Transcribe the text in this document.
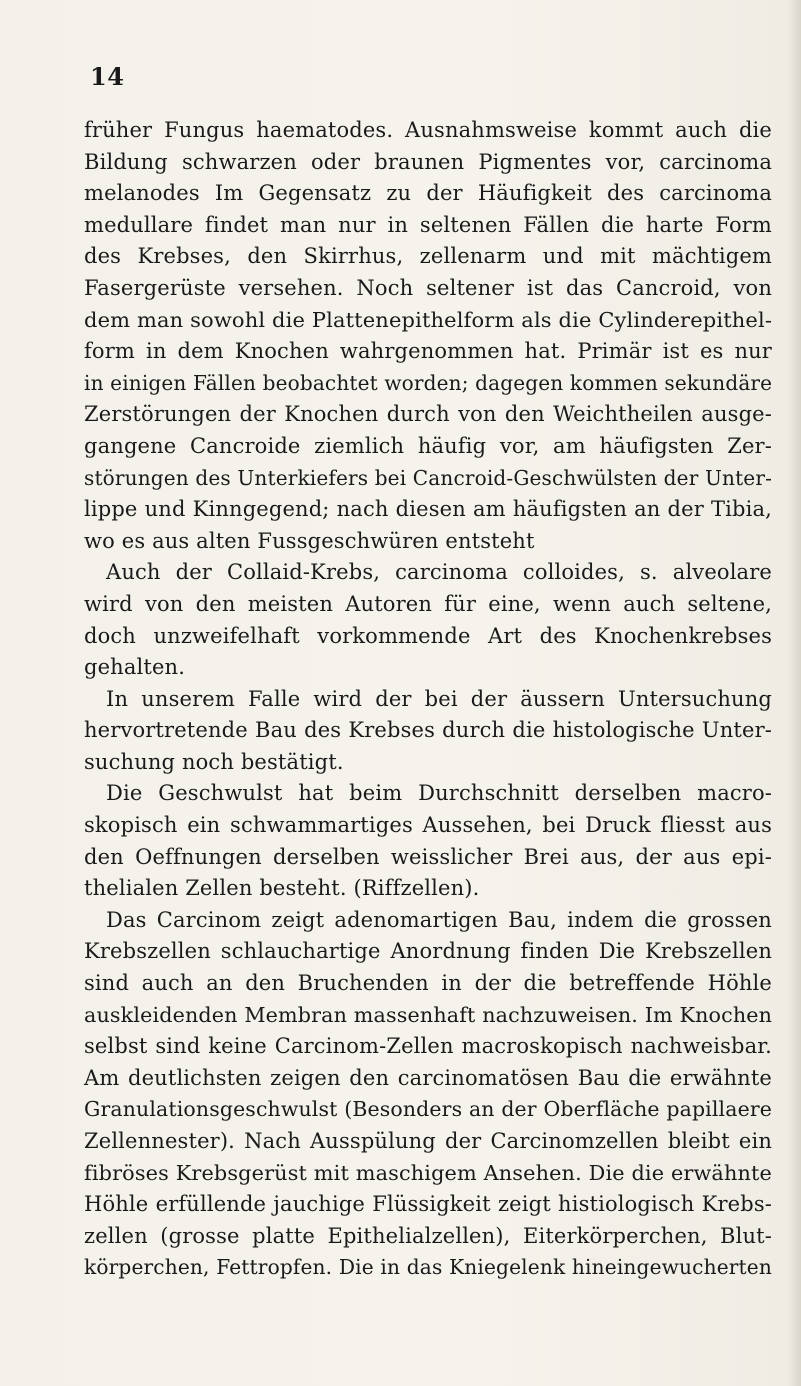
14
früher Fungus haematodes. Ausnahmsweise kommt auch die
Bildung schwarzen oder braunen Pigmentes vor, carcinoma
melanodes Im Gegensatz zu der Häufigkeit des carcinoma
medullare findet man nur in seltenen Fällen die harte Form
des Krebses, den Skirrhus, zellenarm und mit mächtigem
Fasergerüste versehen. Noch seltener ist das Cancroid, von
dem man sowohl die Plattenepithelform als die Cylinderepithel-
form in dem Knochen wahrgenommen hat. Primär ist es nur
in einigen Fällen beobachtet worden; dagegen kommen sekundäre
Zerstörungen der Knochen durch von den Weichtheilen ausge-
gangene Cancroide ziemlich häufig vor, am häufigsten Zer-
störungen des Unterkiefers bei Cancroid-Geschwülsten der Unter-
lippe und Kinngegend; nach diesen am häufigsten an der Tibia,
wo es aus alten Fussgeschwüren entsteht
Auch der Collaid-Krebs, carcinoma colloides, s. alveolare
wird von den meisten Autoren für eine, wenn auch seltene,
doch unzweifelhaft vorkommende Art des Knochenkrebses
gehalten.
In unserem Falle wird der bei der äussern Untersuchung
hervortretende Bau des Krebses durch die histologische Unter-
suchung noch bestätigt.
Die Geschwulst hat beim Durchschnitt derselben macro-
skopisch ein schwammartiges Aussehen, bei Druck fliesst aus
den Oeffnungen derselben weisslicher Brei aus, der aus epi-
thelialen Zellen besteht. (Riffzellen).
Das Carcinom zeigt adenomartigen Bau, indem die grossen
Krebszellen schlauchartige Anordnung finden Die Krebszellen
sind auch an den Bruchenden in der die betreffende Höhle
auskleidenden Membran massenhaft nachzuweisen. Im Knochen
selbst sind keine Carcinom-Zellen macroskopisch nachweisbar.
Am deutlichsten zeigen den carcinomatösen Bau die erwähnte
Granulationsgeschwulst (Besonders an der Oberfläche papillaere
Zellennester). Nach Ausspülung der Carcinomzellen bleibt ein
fibröses Krebsgerüst mit maschigem Ansehen. Die die erwähnte
Höhle erfüllende jauchige Flüssigkeit zeigt histiologisch Krebs-
zellen (grosse platte Epithelialzellen), Eiterkörperchen, Blut-
körperchen, Fettropfen. Die in das Kniegelenk hineingewucherten
